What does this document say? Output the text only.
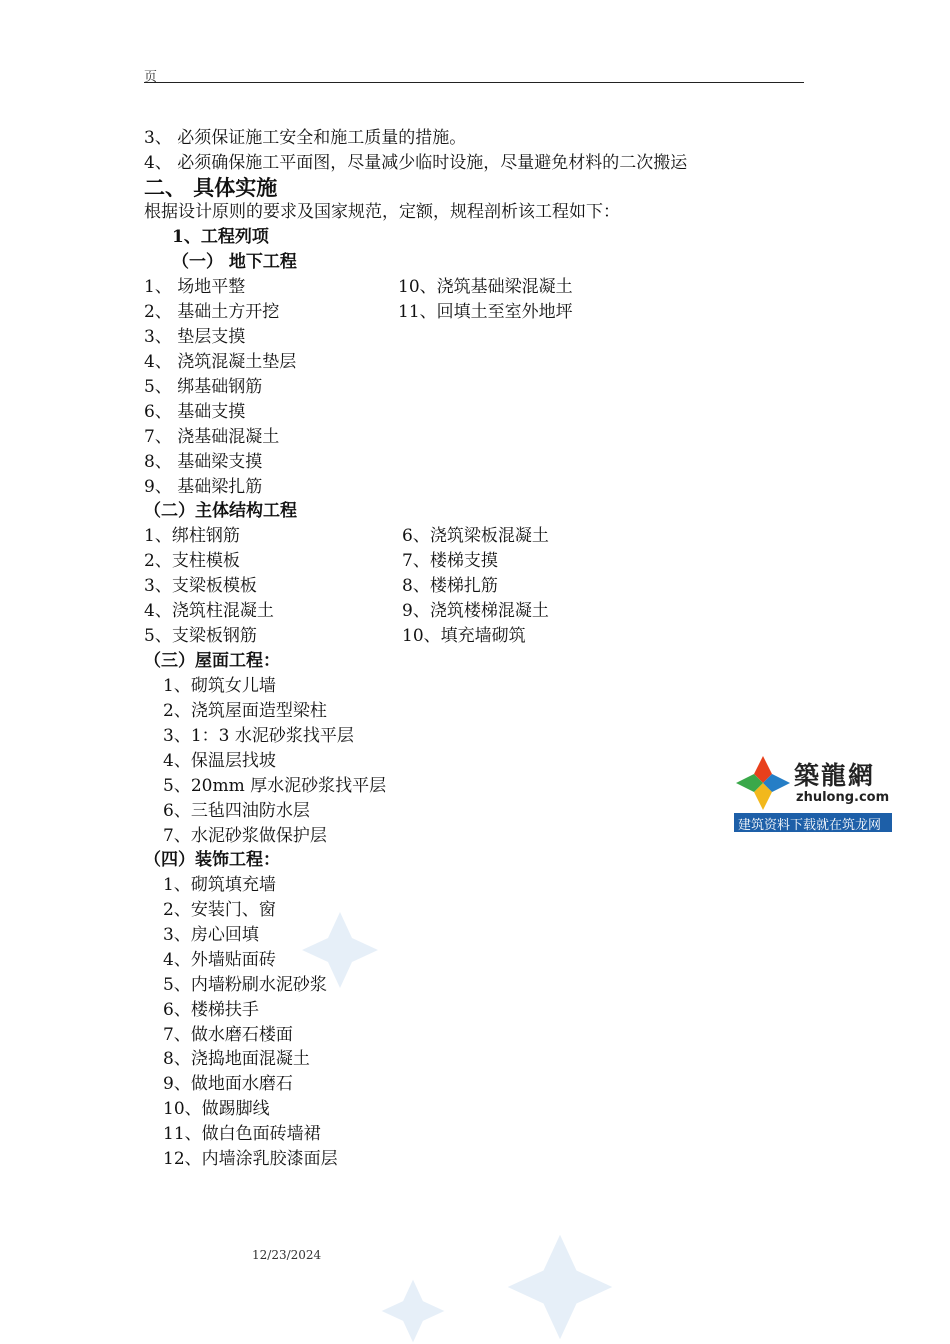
页
3、 必须保证施工安全和施工质量的措施。
4、 必须确保施工平面图，尽量减少临时设施，尽量避免材料的二次搬运
二、 具体实施
根据设计原则的要求及国家规范，定额，规程剖析该工程如下：
1、工程列项
（一） 地下工程
1、 场地平整
2、 基础土方开挖
3、 垫层支摸
4、 浇筑混凝土垫层
5、 绑基础钢筋
6、 基础支摸
7、 浇基础混凝土
8、 基础梁支摸
9、 基础梁扎筋
10、浇筑基础梁混凝土
11、回填土至室外地坪
（二）主体结构工程
1、绑柱钢筋
2、支柱模板
3、支梁板模板
4、浇筑柱混凝土
5、支梁板钢筋
6、浇筑梁板混凝土
7、楼梯支摸
8、楼梯扎筋
9、浇筑楼梯混凝土
10、填充墙砌筑
（三）屋面工程：
1、砌筑女儿墙
2、浇筑屋面造型梁柱
3、1：3 水泥砂浆找平层
4、保温层找坡
5、20mm 厚水泥砂浆找平层
6、三毡四油防水层
7、水泥砂浆做保护层
（四）装饰工程：
1、砌筑填充墙
2、安装门、窗
3、房心回填
4、外墙贴面砖
5、内墙粉刷水泥砂浆
6、楼梯扶手
7、做水磨石楼面
8、浇捣地面混凝土
9、做地面水磨石
10、做踢脚线
11、做白色面砖墙裙
12、内墙涂乳胶漆面层
築龍網
zhulong.com
建筑资料下载就在筑龙网
12/23/2024
